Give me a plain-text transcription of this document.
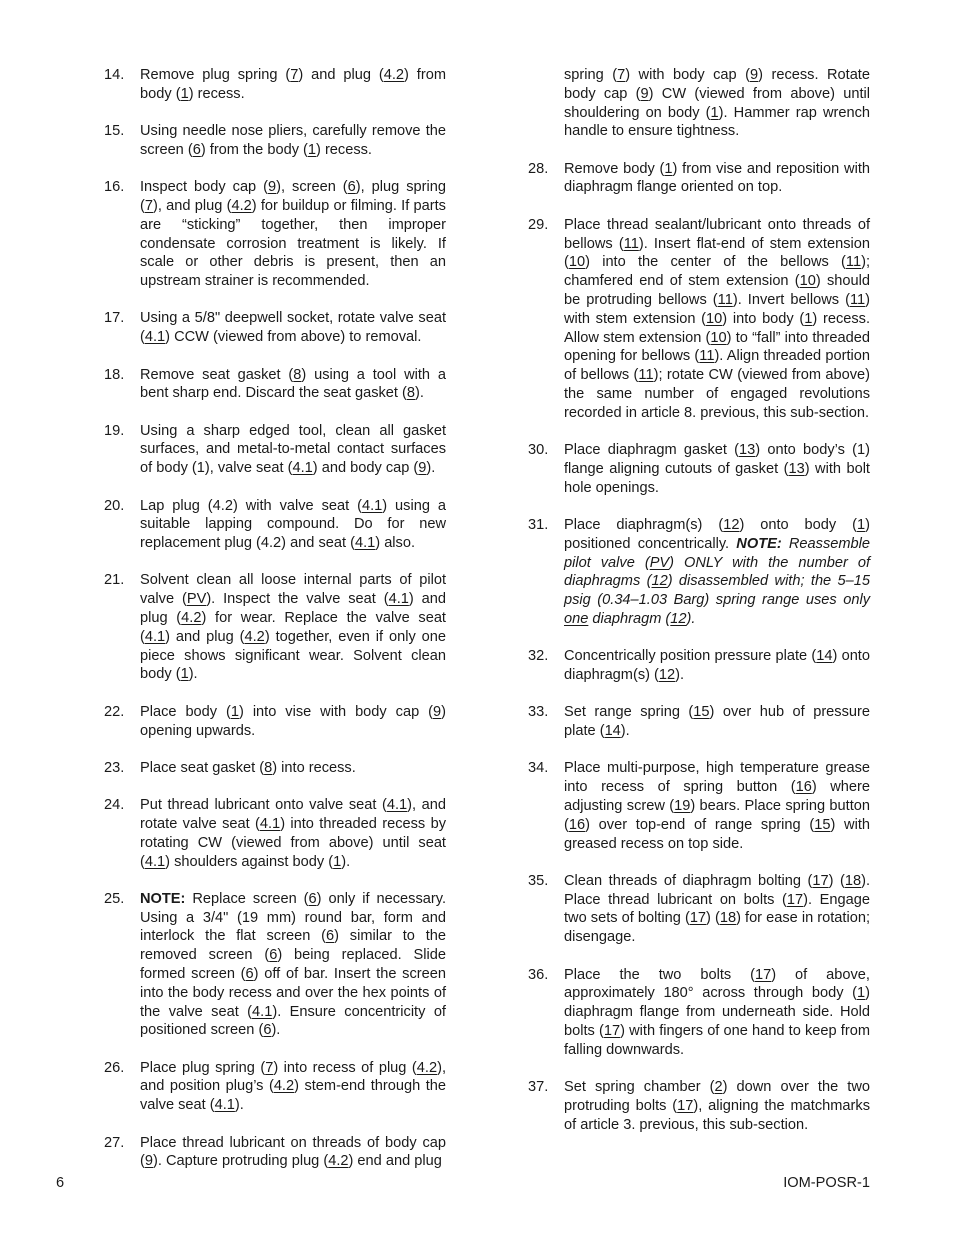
14.	Remove plug spring (7) and plug (4.2) from body (1) recess.
15.	Using needle nose pliers, carefully remove the screen (6) from the body (1) recess.
16.	Inspect body cap (9), screen (6), plug spring (7), and plug (4.2) for buildup or filming. If parts are “sticking” together, then improper condensate corrosion treatment is likely. If scale or other debris is present, then an upstream strainer is recommended.
17.	Using a 5/8" deepwell socket, rotate valve seat (4.1) CCW (viewed from above) to removal.
18.	Remove seat gasket (8) using a tool with a bent sharp end. Discard the seat gasket (8).
19.	Using a sharp edged tool, clean all gasket surfaces, and metal-to-metal contact surfaces of body (1), valve seat (4.1) and body cap (9).
20.	Lap plug (4.2) with valve seat (4.1) using a suitable lapping compound. Do for new replacement plug (4.2) and seat (4.1) also.
21.	Solvent clean all loose internal parts of pilot valve (PV). Inspect the valve seat (4.1) and plug (4.2) for wear. Replace the valve seat (4.1) and plug (4.2) together, even if only one piece shows significant wear. Solvent clean body (1).
22.	Place body (1) into vise with body cap (9) opening upwards.
23.	Place seat gasket (8) into recess.
24.	Put thread lubricant onto valve seat (4.1), and rotate valve seat (4.1) into threaded recess by rotating CW (viewed from above) until seat (4.1) shoulders against body (1).
25.	NOTE: Replace screen (6) only if necessary. Using a 3/4" (19 mm) round bar, form and interlock the flat screen (6) similar to the removed screen (6) being replaced. Slide formed screen (6) off of bar. Insert the screen into the body recess and over the hex points of the valve seat (4.1). Ensure concentricity of positioned screen (6).
26.	Place plug spring (7) into recess of plug (4.2), and position plug’s (4.2) stem-end through the valve seat (4.1).
27.	Place thread lubricant on threads of body cap (9). Capture protruding plug (4.2) end and plug
spring (7) with body cap (9) recess. Rotate body cap (9) CW (viewed from above) until shouldering on body (1). Hammer rap wrench handle to ensure tightness.
28.	Remove body (1) from vise and reposition with diaphragm flange oriented on top.
29.	Place thread sealant/lubricant onto threads of bellows (11). Insert flat-end of stem extension (10) into the center of the bellows (11); chamfered end of stem extension (10) should be protruding bellows (11). Invert bellows (11) with stem extension (10) into body (1) recess. Allow stem extension (10) to “fall” into threaded opening for bellows (11). Align threaded portion of bellows (11); rotate CW (viewed from above) the same number of engaged revolutions recorded in article 8. previous, this sub-section.
30.	Place diaphragm gasket (13) onto body’s (1) flange aligning cutouts of gasket (13) with bolt hole openings.
31.	Place diaphragm(s) (12) onto body (1) positioned concentrically. NOTE: Reassemble pilot valve (PV) ONLY with the number of diaphragms (12) disassembled with; the 5–15 psig (0.34–1.03 Barg) spring range uses only one diaphragm (12).
32.	Concentrically position pressure plate (14) onto diaphragm(s) (12).
33.	Set range spring (15) over hub of pressure plate (14).
34.	Place multi-purpose, high temperature grease into recess of spring button (16) where adjusting screw (19) bears. Place spring button (16) over top-end of range spring (15) with greased recess on top side.
35.	Clean threads of diaphragm bolting (17) (18). Place thread lubricant on bolts (17). Engage two sets of bolting (17) (18) for ease in rotation; disengage.
36.	Place the two bolts (17) of above, approximately 180° across through body (1) diaphragm flange from underneath side. Hold bolts (17) with fingers of one hand to keep from falling downwards.
37.	Set spring chamber (2) down over the two protruding bolts (17), aligning the matchmarks of article 3. previous, this sub-section.
6	IOM-POSR-1
